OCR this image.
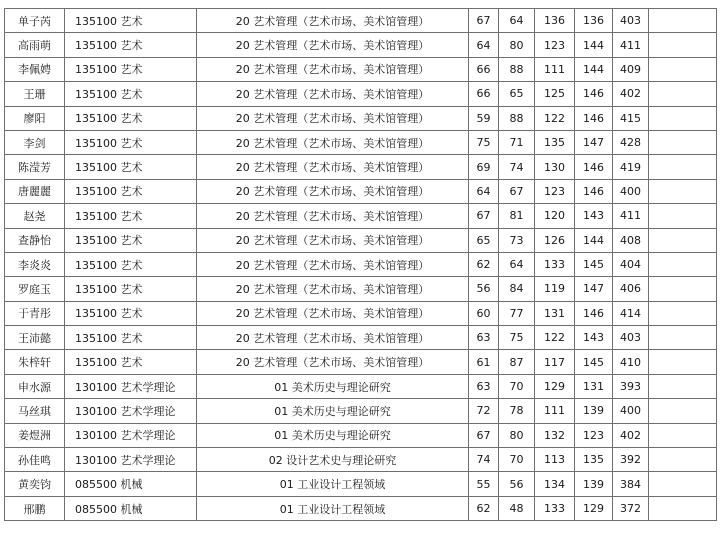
单子芮	135100 艺术	20 艺术管理（艺术市场、美术馆管理）	67	64	136	136	403	
高雨萌	135100 艺术	20 艺术管理（艺术市场、美术馆管理）	64	80	123	144	411	
李佩娉	135100 艺术	20 艺术管理（艺术市场、美术馆管理）	66	88	111	144	409	
王珊	135100 艺术	20 艺术管理（艺术市场、美术馆管理）	66	65	125	146	402	
廖阳	135100 艺术	20 艺术管理（艺术市场、美术馆管理）	59	88	122	146	415	
李剑	135100 艺术	20 艺术管理（艺术市场、美术馆管理）	75	71	135	147	428	
陈滢芳	135100 艺术	20 艺术管理（艺术市场、美术馆管理）	69	74	130	146	419	
唐麗麗	135100 艺术	20 艺术管理（艺术市场、美术馆管理）	64	67	123	146	400	
赵尧	135100 艺术	20 艺术管理（艺术市场、美术馆管理）	67	81	120	143	411	
查静怡	135100 艺术	20 艺术管理（艺术市场、美术馆管理）	65	73	126	144	408	
李炎炎	135100 艺术	20 艺术管理（艺术市场、美术馆管理）	62	64	133	145	404	
罗庭玉	135100 艺术	20 艺术管理（艺术市场、美术馆管理）	56	84	119	147	406	
于青彤	135100 艺术	20 艺术管理（艺术市场、美术馆管理）	60	77	131	146	414	
王沛懿	135100 艺术	20 艺术管理（艺术市场、美术馆管理）	63	75	122	143	403	
朱梓轩	135100 艺术	20 艺术管理（艺术市场、美术馆管理）	61	87	117	145	410	
申水源	130100 艺术学理论	01 美术历史与理论研究	63	70	129	131	393	
马丝琪	130100 艺术学理论	01 美术历史与理论研究	72	78	111	139	400	
姜煜洲	130100 艺术学理论	01 美术历史与理论研究	67	80	132	123	402	
孙佳鸣	130100 艺术学理论	02 设计艺术史与理论研究	74	70	113	135	392	
黄奕钧	085500 机械	01 工业设计工程领域	55	56	134	139	384	
邢鹏	085500 机械	01 工业设计工程领域	62	48	133	129	372	
